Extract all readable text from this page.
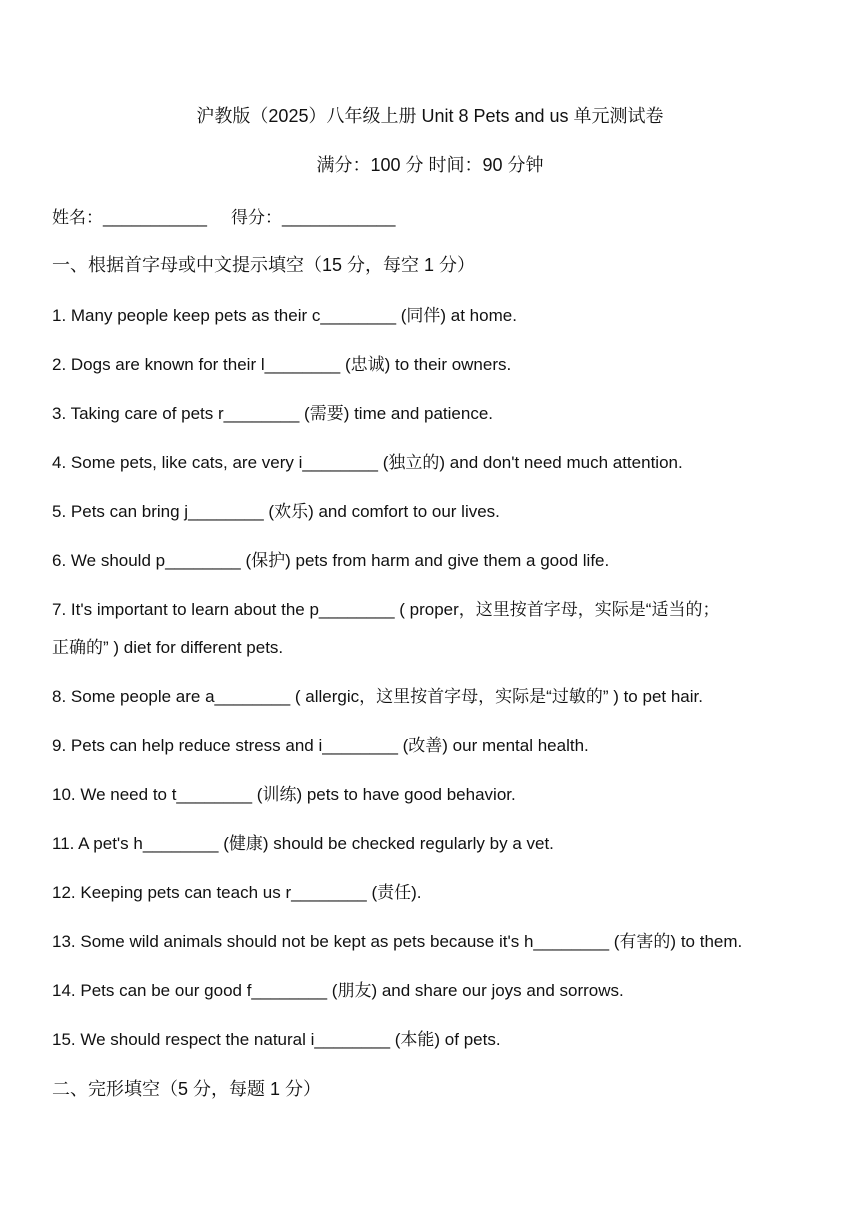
沪教版（2025）八年级上册 Unit 8 Pets and us 单元测试卷
满分：100 分 时间：90 分钟
姓名：___________ 得分：____________
一、根据首字母或中文提示填空（15 分，每空 1 分）
1. Many people keep pets as their c________ (同伴) at home.
2. Dogs are known for their l________ (忠诚) to their owners.
3. Taking care of pets r________ (需要) time and patience.
4. Some pets, like cats, are very i________ (独立的) and don't need much attention.
5. Pets can bring j________ (欢乐) and comfort to our lives.
6. We should p________ (保护) pets from harm and give them a good life.
7. It's important to learn about the p________ ( proper，这里按首字母，实际是“适当的；
正确的” ) diet for different pets.
8. Some people are a________ ( allergic，这里按首字母，实际是“过敏的” ) to pet hair.
9. Pets can help reduce stress and i________ (改善) our mental health.
10. We need to t________ (训练) pets to have good behavior.
11. A pet's h________ (健康) should be checked regularly by a vet.
12. Keeping pets can teach us r________ (责任).
13. Some wild animals should not be kept as pets because it's h________ (有害的) to them.
14. Pets can be our good f________ (朋友) and share our joys and sorrows.
15. We should respect the natural i________ (本能) of pets.
二、完形填空（5 分，每题 1 分）
